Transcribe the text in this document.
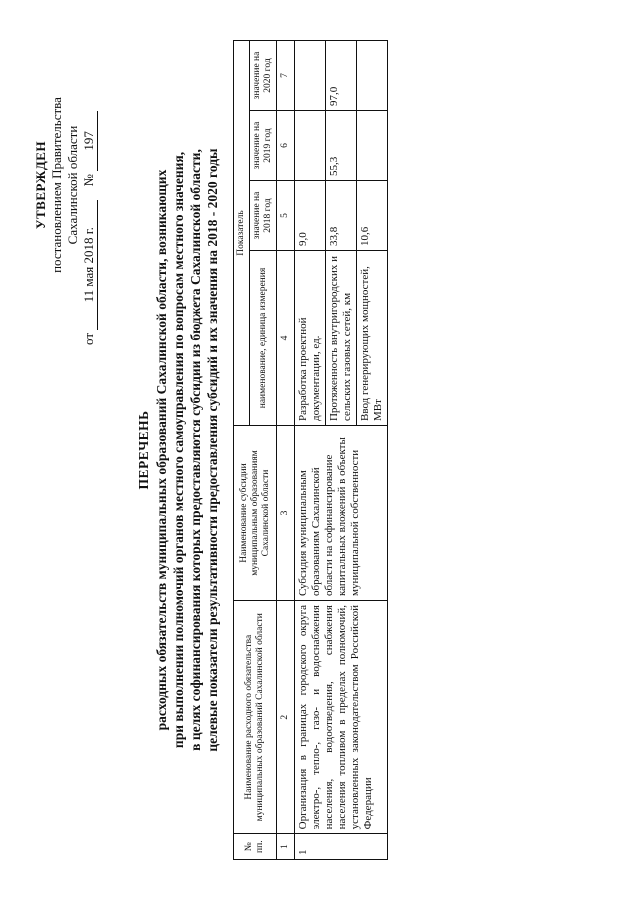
УТВЕРЖДЕН постановлением Правительства Сахалинской области
от 11 мая 2018 г. № 197
ПЕРЕЧЕНЬ расходных обязательств муниципальных образований Сахалинской области, возникающих при выполнении полномочий органов местного самоуправления по вопросам местного значения, в целях софинансирования которых предоставляются субсидии из бюджета Сахалинской области, целевые показатели результативности предоставления субсидий и их значения на 2018 - 2020 годы
№ пп.	Наименование расходного обязательства муниципальных образований Сахалинской области	Наименование субсидии муниципальным образованиям Сахалинской области	Показатель			
			наименование, единица измерения	значение на 2018 год	значение на 2019 год	значение на 2020 год
1	2	3	4	5	6	7
1	Организация в границах городского округа электро-, тепло-, газо- и водоснабжения населения, водоотведения, снабжения населения топливом в пределах полномочий, установленных законодательством Российской Федерации	Субсидия муниципальным образованиям Сахалинской области на софинансирование капитальных вложений в объекты муниципальной собственности	Разработка проектной документации, ед.	9,0		
			Протяженность внутригородских и сельских газовых сетей, км	33,8	55,3	97,0
			Ввод генерирующих мощностей, МВт	10,6		
